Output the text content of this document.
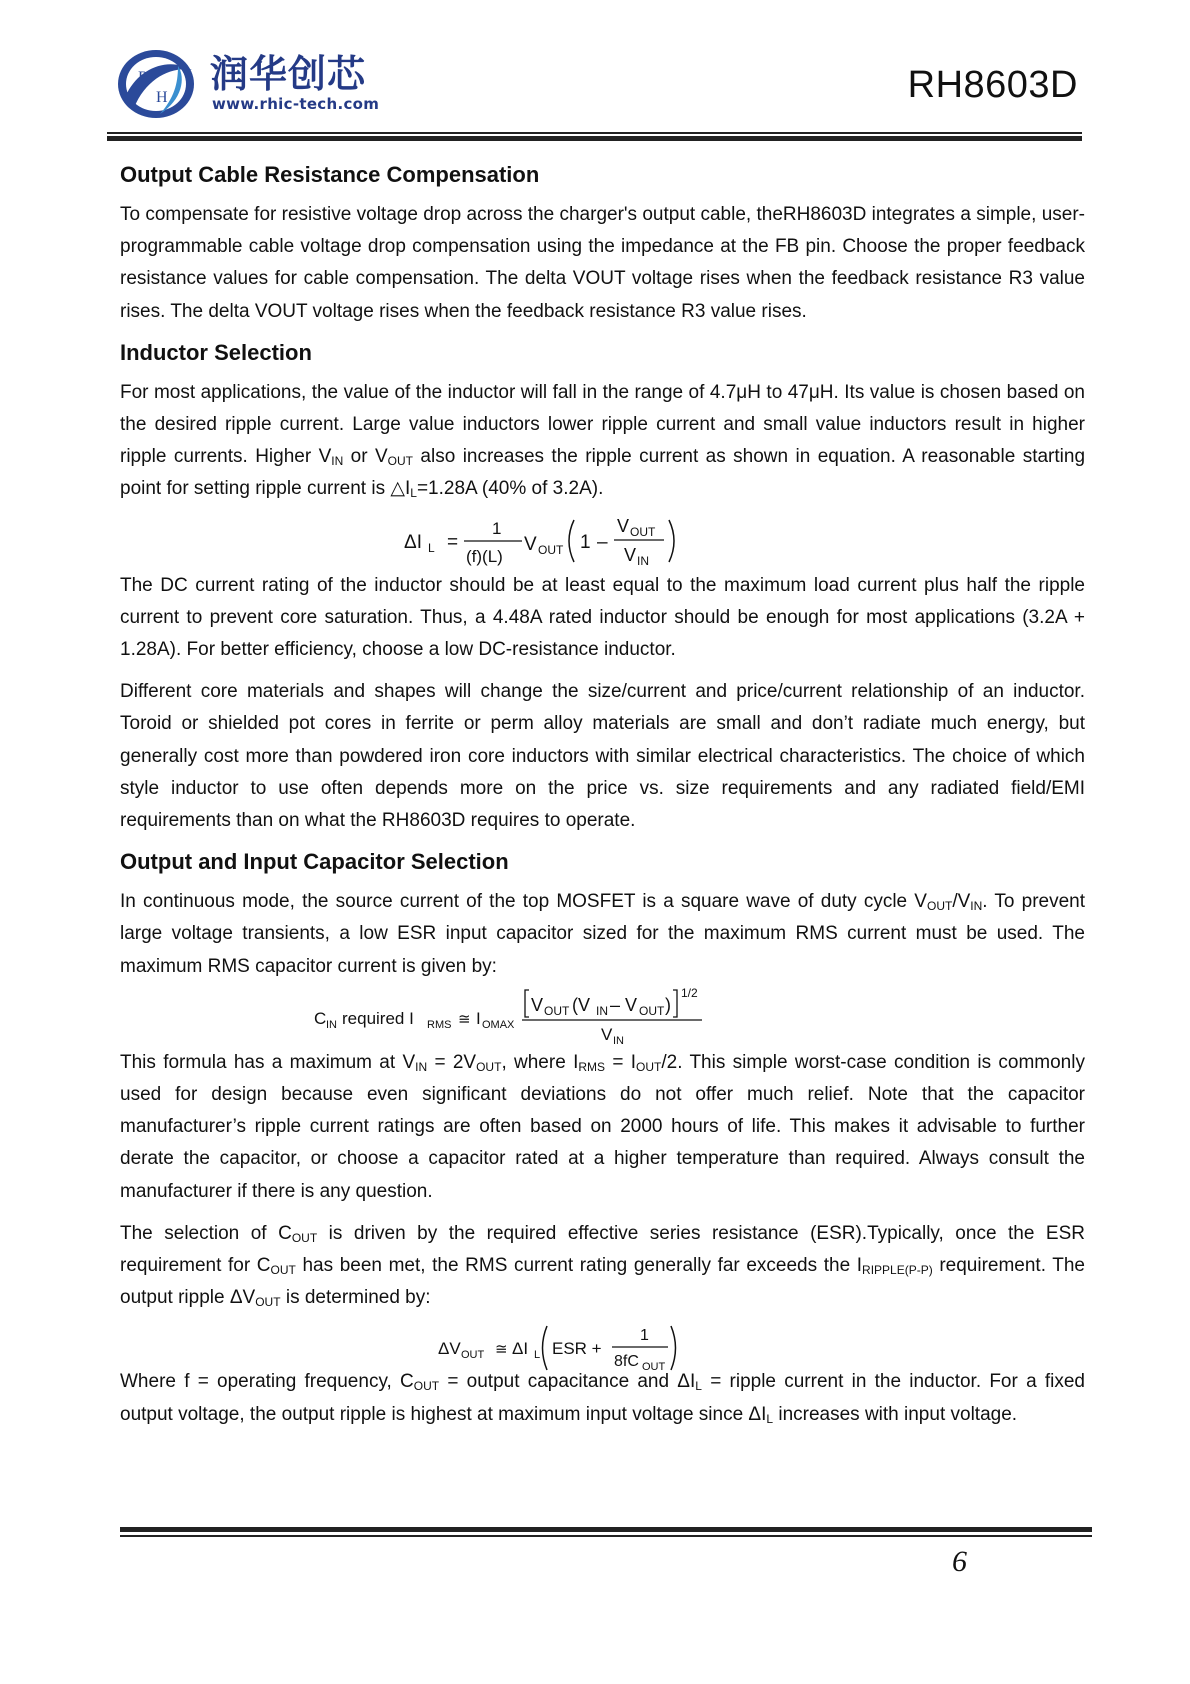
R
H
润华创芯
www.rhic-tech.com	RH8603D
Output Cable Resistance Compensation

To compensate for resistive voltage drop across the charger's output cable, theRH8603D integrates a simple, user-programmable cable voltage drop compensation using the impedance at the FB pin. Choose the proper feedback resistance values for cable compensation. The delta VOUT voltage rises when the feedback resistance R3 value rises. The delta VOUT voltage rises when the feedback resistance R3 value rises.

Inductor Selection

For most applications, the value of the inductor will fall in the range of 4.7μH to 47μH. Its value is chosen based on the desired ripple current. Large value inductors lower ripple current and small value inductors result in higher ripple currents. Higher $V_{IN}$ or $V_{OUT}$ also increases the ripple current as shown in equation. A reasonable starting point for setting ripple current is $\triangle I_L=1.28A$ (40% of 3.2A).

ΔI L =
1
(f)(L)
V OUT 1 –
V OUT
V IN

The DC current rating of the inductor should be at least equal to the maximum load current plus half the ripple current to prevent core saturation. Thus, a 4.48A rated inductor should be enough for most applications (3.2A + 1.28A). For better efficiency, choose a low DC-resistance inductor.

Different core materials and shapes will change the size/current and price/current relationship of an inductor. Toroid or shielded pot cores in ferrite or perm alloy materials are small and don’t radiate much energy, but generally cost more than powdered iron core inductors with similar electrical characteristics. The choice of which style inductor to use often depends more on the price vs. size requirements and any radiated field/EMI requirements than on what the RH8603D requires to operate.

Output and Input Capacitor Selection

In continuous mode, the source current of the top MOSFET is a square wave of duty cycle $V_{OUT}/V_{IN}$. To prevent large voltage transients, a low ESR input capacitor sized for the maximum RMS current must be used. The maximum RMS capacitor current is given by:

C IN required I RMS ≅ I OMAX
V OUT (V IN – V OUT )
1/2
V IN

This formula has a maximum at $V_{IN} = 2V_{OUT}$, where $I_{RMS} = I_{OUT}/2$. This simple worst-case condition is commonly used for design because even significant deviations do not offer much relief. Note that the capacitor manufacturer’s ripple current ratings are often based on 2000 hours of life. This makes it advisable to further derate the capacitor, or choose a capacitor rated at a higher temperature than required. Always consult the manufacturer if there is any question.

The selection of $C_{OUT}$ is driven by the required effective series resistance (ESR).Typically, once the ESR requirement for $C_{OUT}$ has been met, the RMS current rating generally far exceeds the $I_{RIPPLE(P-P)}$ requirement. The output ripple $\Delta V_{OUT}$ is determined by:

ΔV OUT ≅ ΔI L ESR +
1
8fC OUT

Where f = operating frequency, $C_{OUT}$ = output capacitance and $\Delta I_L$ = ripple current in the inductor. For a fixed output voltage, the output ripple is highest at maximum input voltage since $\Delta I_L$ increases with input voltage.

6
